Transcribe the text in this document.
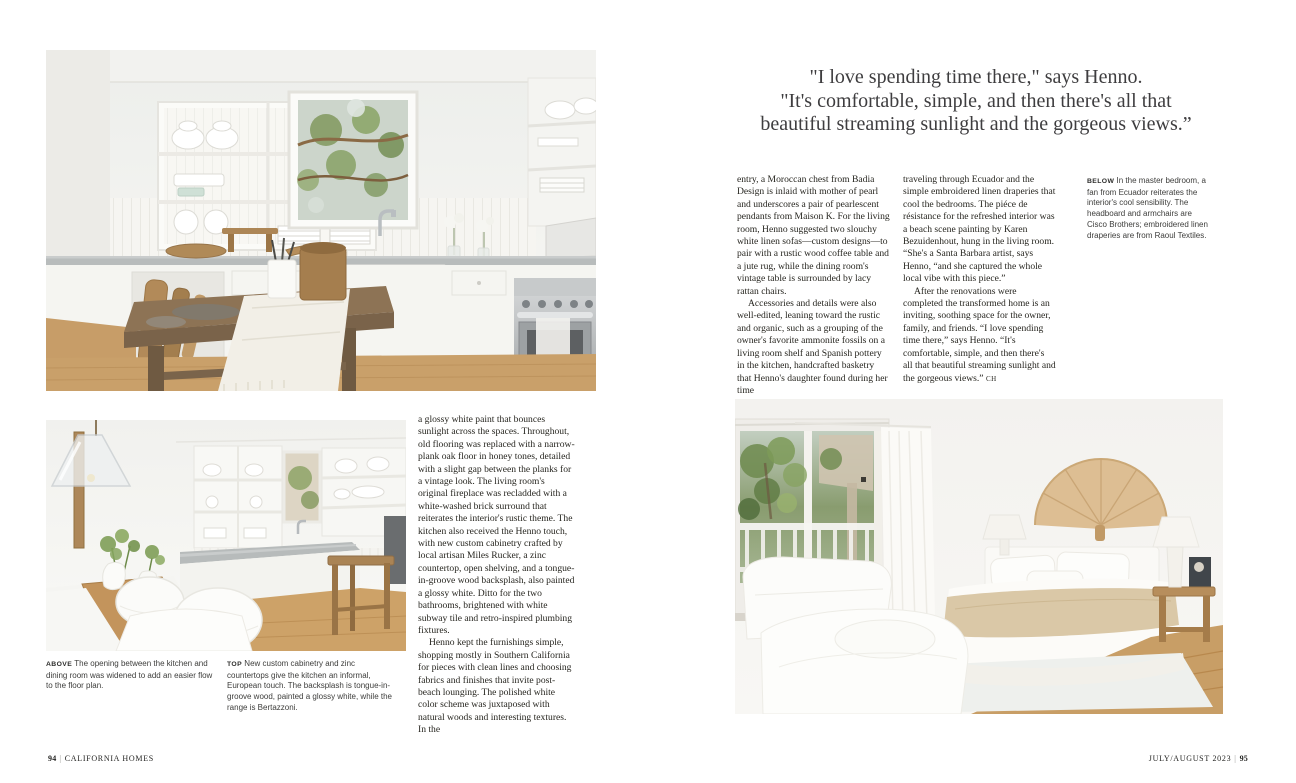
ABOVE The opening between the kitchen and dining room was widened to add an easier flow to the floor plan.
TOP New custom cabinetry and zinc countertops give the kitchen an informal, European touch. The backsplash is tongue-in-groove wood, painted a glossy white, while the range is Bertazzoni.

a glossy white paint that bounces sunlight across the spaces. Throughout, old flooring was replaced with a narrow-plank oak floor in honey tones, detailed with a slight gap between the planks for a vintage look. The living room's original fireplace was recladded with a white-washed brick surround that reiterates the interior's rustic theme. The kitchen also received the Henno touch, with new custom cabinetry crafted by local artisan Miles Rucker, a zinc countertop, open shelving, and a tongue-in-groove wood backsplash, also painted a glossy white. Ditto for the two bathrooms, brightened with white subway tile and retro-inspired plumbing fixtures.

Henno kept the furnishings simple, shopping mostly in Southern California for pieces with clean lines and choosing fabrics and finishes that invite post-beach lounging. The polished white color scheme was juxtaposed with natural woods and interesting textures. In the

"I love spending time there," says Henno.
"It's comfortable, simple, and then there's all that
beautiful streaming sunlight and the gorgeous views.”

entry, a Moroccan chest from Badia Design is inlaid with mother of pearl and underscores a pair of pearlescent pendants from Maison K. For the living room, Henno suggested two slouchy white linen sofas—custom designs—to pair with a rustic wood coffee table and a jute rug, while the dining room's vintage table is surrounded by lacy rattan chairs.

Accessories and details were also well-edited, leaning toward the rustic and organic, such as a grouping of the owner's favorite ammonite fossils on a living room shelf and Spanish pottery in the kitchen, handcrafted basketry that Henno's daughter found during her time

traveling through Ecuador and the simple embroidered linen draperies that cool the bedrooms. The piéce de résistance for the refreshed interior was a beach scene painting by Karen Bezuidenhout, hung in the living room. “She's a Santa Barbara artist, says Henno, “and she captured the whole local vibe with this piece.”

After the renovations were completed the transformed home is an inviting, soothing space for the owner, family, and friends. “I love spending time there,” says Henno. “It's comfortable, simple, and then there's all that beautiful streaming sunlight and the gorgeous views.” CH

BELOW In the master bedroom, a fan from Ecuador reiterates the interior's cool sensibility. The headboard and armchairs are Cisco Brothers; embroidered linen draperies are from Raoul Textiles.
94 | CALIFORNIA HOMES	JULY/AUGUST 2023 | 95
